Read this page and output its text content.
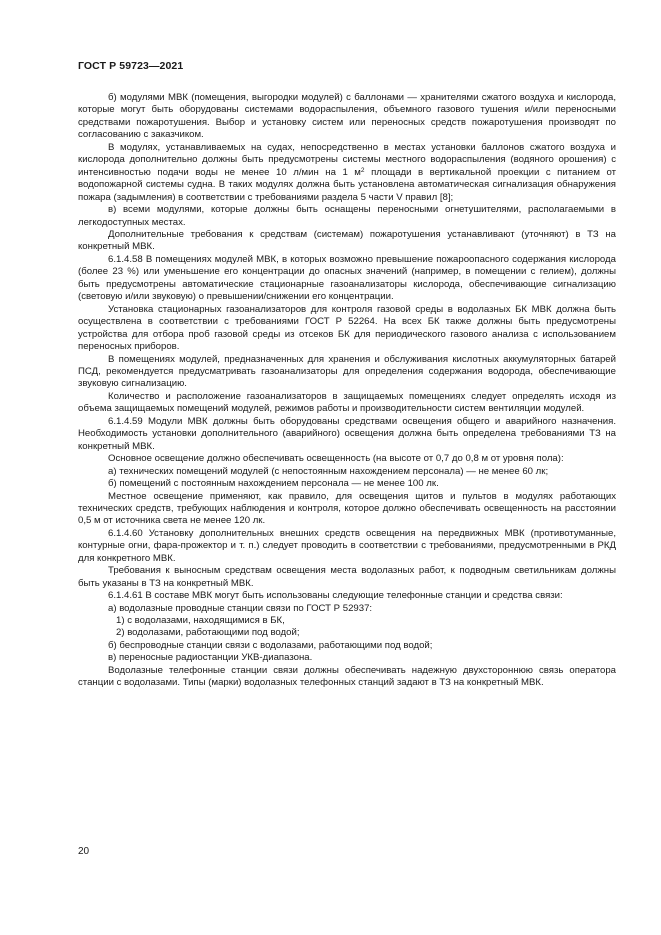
ГОСТ Р 59723—2021

б) модулями МВК (помещения, выгородки модулей) с баллонами — хранителями сжатого воздуха и кислорода, которые могут быть оборудованы системами водораспыления, объемного газового тушения и/или переносными средствами пожаротушения. Выбор и установку систем или переносных средств пожаротушения производят по согласованию с заказчиком.

В модулях, устанавливаемых на судах, непосредственно в местах установки баллонов сжатого воздуха и кислорода дополнительно должны быть предусмотрены системы местного водораспыления (водяного орошения) с интенсивностью подачи воды не менее 10 л/мин на 1 $м^2$ площади в вертикальной проекции с питанием от водопожарной системы судна. В таких модулях должна быть установлена автоматическая сигнализация обнаружения пожара (задымления) в соответствии с требованиями раздела 5 части V правил [8];

в) всеми модулями, которые должны быть оснащены переносными огнетушителями, располагаемыми в легкодоступных местах.

Дополнительные требования к средствам (системам) пожаротушения устанавливают (уточняют) в ТЗ на конкретный МВК.

6.1.4.58 В помещениях модулей МВК, в которых возможно превышение пожароопасного содержания кислорода (более 23 %) или уменьшение его концентрации до опасных значений (например, в помещении с гелием), должны быть предусмотрены автоматические стационарные газоанализаторы кислорода, обеспечивающие сигнализацию (световую и/или звуковую) о превышении/снижении его концентрации.

Установка стационарных газоанализаторов для контроля газовой среды в водолазных БК МВК должна быть осуществлена в соответствии с требованиями ГОСТ Р 52264. На всех БК также должны быть предусмотрены устройства для отбора проб газовой среды из отсеков БК для периодического газового анализа с использованием переносных приборов.

В помещениях модулей, предназначенных для хранения и обслуживания кислотных аккумуляторных батарей ПСД, рекомендуется предусматривать газоанализаторы для определения содержания водорода, обеспечивающие звуковую сигнализацию.

Количество и расположение газоанализаторов в защищаемых помещениях следует определять исходя из объема защищаемых помещений модулей, режимов работы и производительности систем вентиляции модулей.

6.1.4.59 Модули МВК должны быть оборудованы средствами освещения общего и аварийного назначения. Необходимость установки дополнительного (аварийного) освещения должна быть определена требованиями ТЗ на конкретный МВК.

Основное освещение должно обеспечивать освещенность (на высоте от 0,7 до 0,8 м от уровня пола):

а) технических помещений модулей (с непостоянным нахождением персонала) — не менее 60 лк;

б) помещений с постоянным нахождением персонала — не менее 100 лк.

Местное освещение применяют, как правило, для освещения щитов и пультов в модулях работающих технических средств, требующих наблюдения и контроля, которое должно обеспечивать освещенность на расстоянии 0,5 м от источника света не менее 120 лк.

6.1.4.60 Установку дополнительных внешних средств освещения на передвижных МВК (противотуманные, контурные огни, фара-прожектор и т. п.) следует проводить в соответствии с требованиями, предусмотренными в РКД для конкретного МВК.

Требования к выносным средствам освещения места водолазных работ, к подводным светильникам должны быть указаны в ТЗ на конкретный МВК.

6.1.4.61 В составе МВК могут быть использованы следующие телефонные станции и средства связи:

а) водолазные проводные станции связи по ГОСТ Р 52937:

1) с водолазами, находящимися в БК,

2) водолазами, работающими под водой;

б) беспроводные станции связи с водолазами, работающими под водой;

в) переносные радиостанции УКВ-диапазона.

Водолазные телефонные станции связи должны обеспечивать надежную двухстороннюю связь оператора станции с водолазами. Типы (марки) водолазных телефонных станций задают в ТЗ на конкретный МВК.

20
